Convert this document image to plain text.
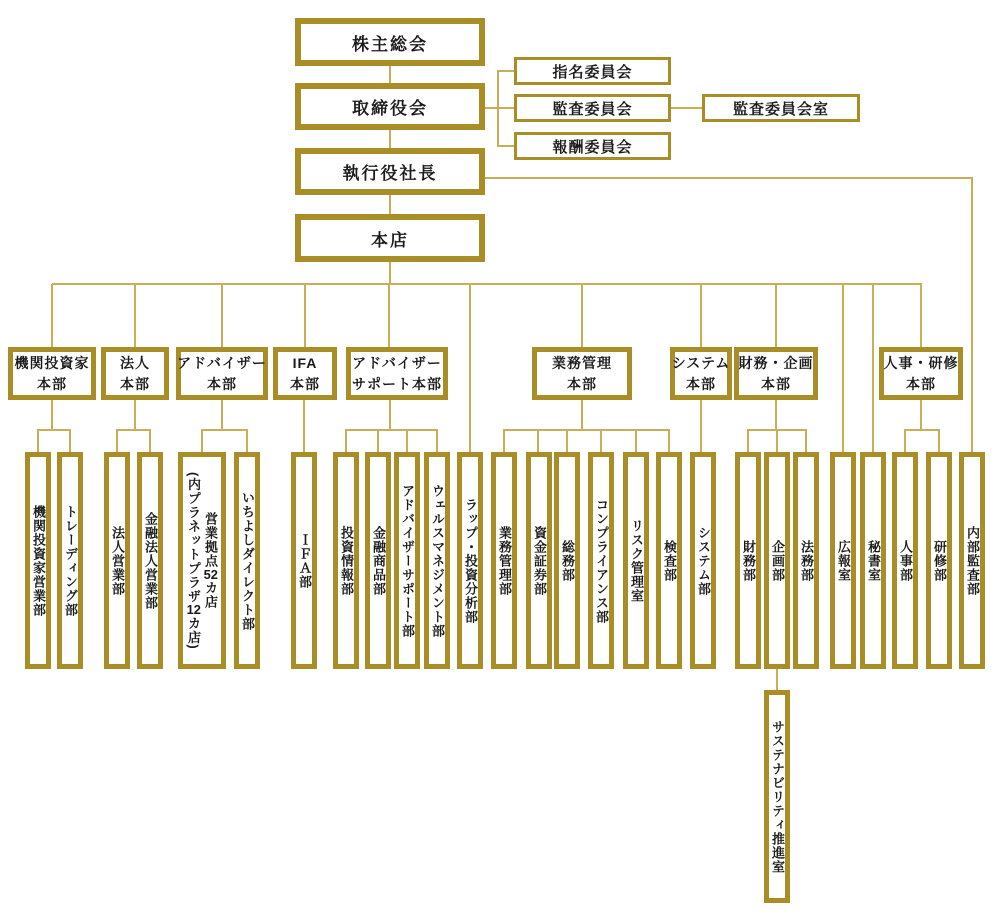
株主総会
取締役会
執行役社長
本店
指名委員会
監査委員会
報酬委員会
監査委員会室
機関投資家
本部
法人
本部
アドバイザー
本部
IFA
本部
アドバイザー
サポート本部
業務管理
本部
システム
本部
財務・企画
本部
人事・研修
本部
機関投資家営業部	トレーディング部	法人営業部	金融法人営業部	営業拠点52カ店
(内プラネットプラザ12カ店)
いちよしダイレクト部	ＩＦＡ部	投資情報部	金融商品部	アドバイザーサポート部	ウェルスマネジメント部	ラップ・投資分析部	業務管理部	資金証券部	総務部	コンプライアンス部	リスク管理室	検査部	システム部	財務部	企画部	法務部	広報室	秘書室	人事部	研修部	内部監査部
サステナビリティ推進室
